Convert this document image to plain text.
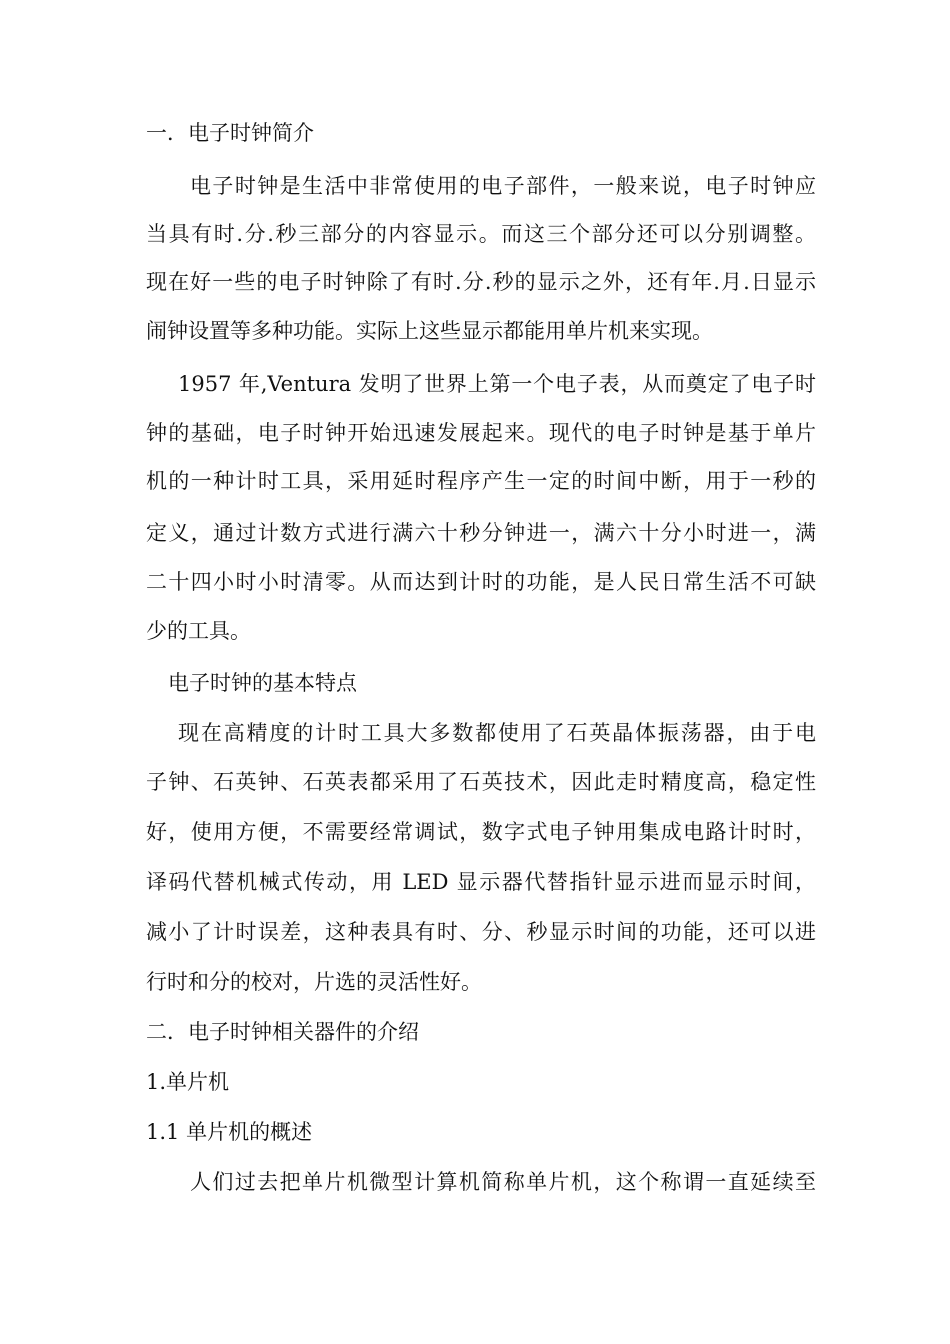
一．电子时钟简介
电子时钟是生活中非常使用的电子部件，一般来说，电子时钟应
当具有时.分.秒三部分的内容显示。而这三个部分还可以分别调整。
现在好一些的电子时钟除了有时.分.秒的显示之外，还有年.月.日显示
闹钟设置等多种功能。实际上这些显示都能用单片机来实现。
1957 年,Ventura 发明了世界上第一个电子表，从而奠定了电子时
钟的基础，电子时钟开始迅速发展起来。现代的电子时钟是基于单片
机的一种计时工具，采用延时程序产生一定的时间中断，用于一秒的
定义，通过计数方式进行满六十秒分钟进一，满六十分小时进一，满
二十四小时小时清零。从而达到计时的功能，是人民日常生活不可缺
少的工具。
电子时钟的基本特点
现在高精度的计时工具大多数都使用了石英晶体振荡器，由于电
子钟、石英钟、石英表都采用了石英技术，因此走时精度高，稳定性
好，使用方便，不需要经常调试，数字式电子钟用集成电路计时时，
译码代替机械式传动，用 LED 显示器代替指针显示进而显示时间，
减小了计时误差，这种表具有时、分、秒显示时间的功能，还可以进
行时和分的校对，片选的灵活性好。
二．电子时钟相关器件的介绍
1.单片机
1.1 单片机的概述
人们过去把单片机微型计算机简称单片机，这个称谓一直延续至
